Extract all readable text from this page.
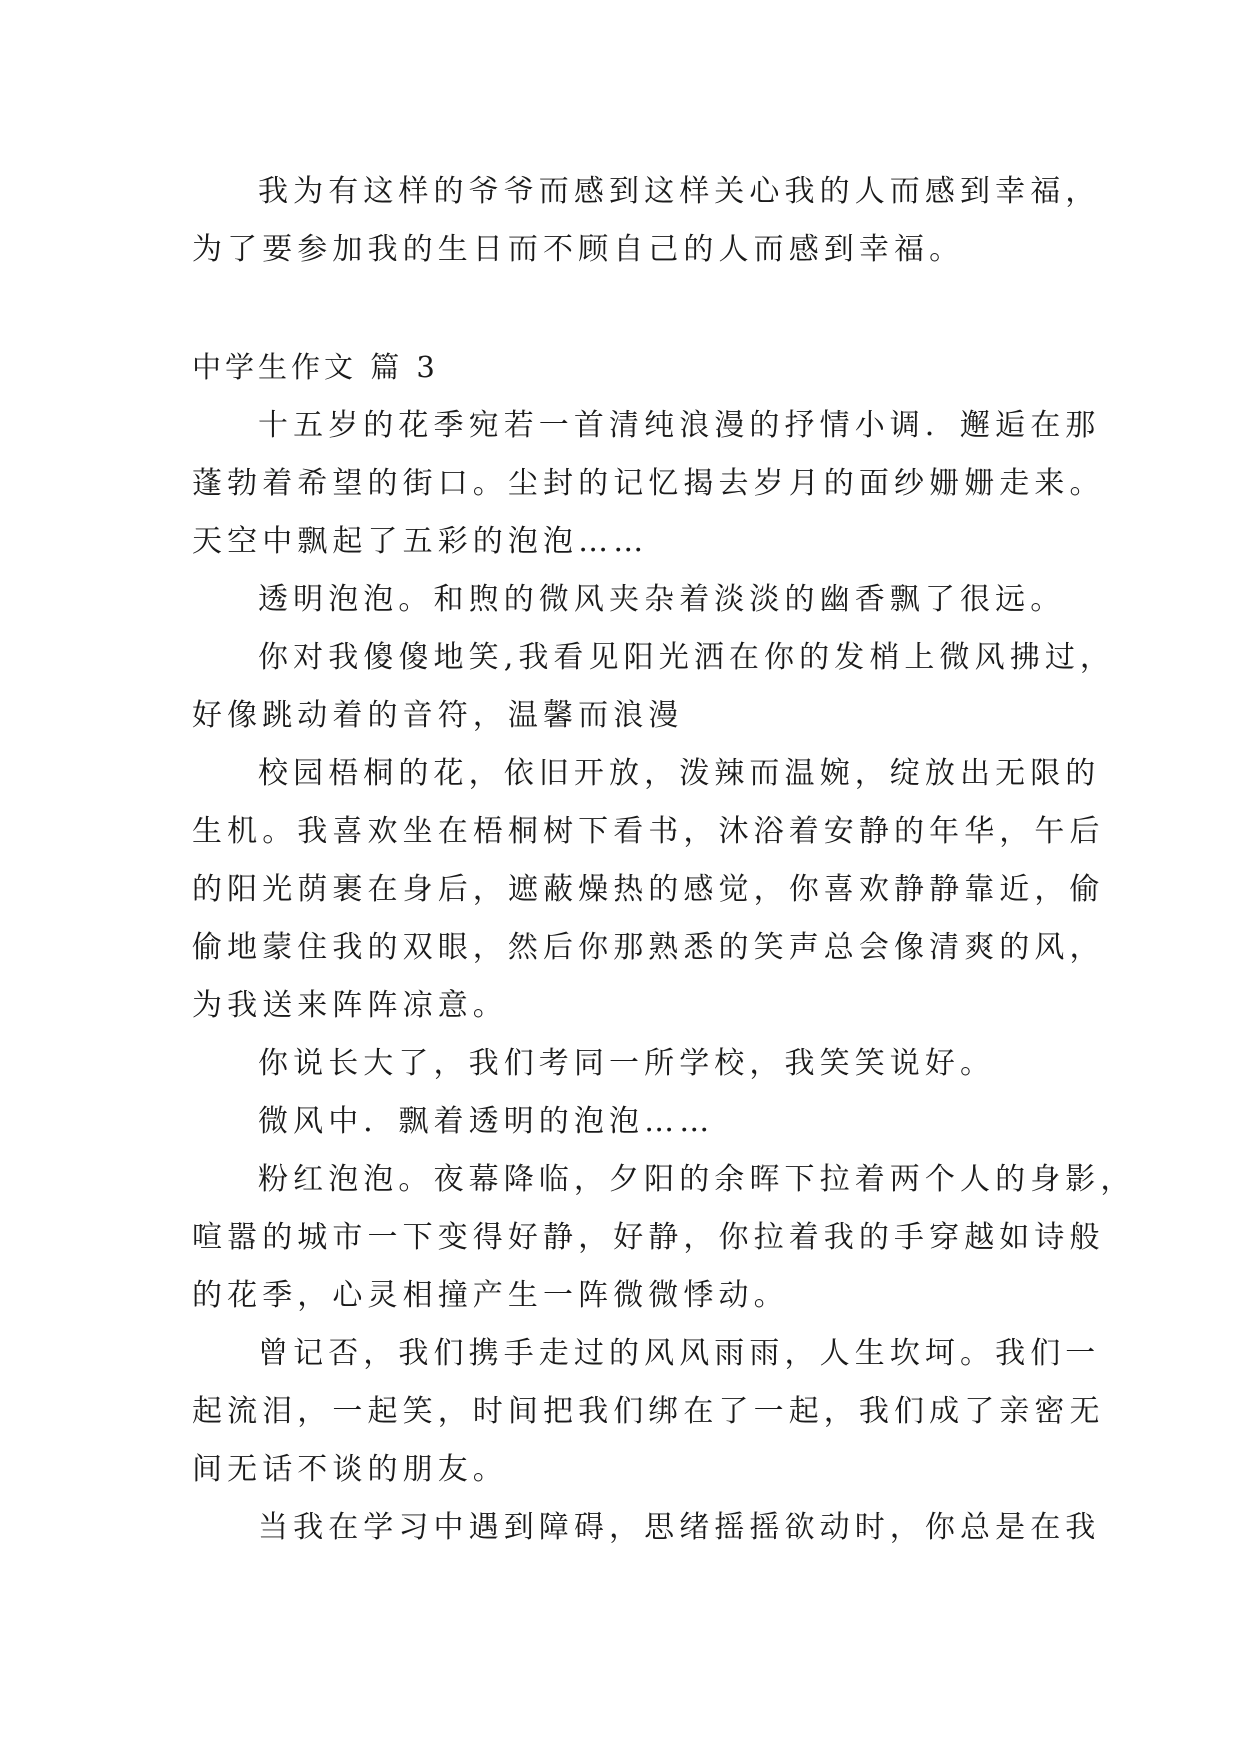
我为有这样的爷爷而感到这样关心我的人而感到幸福，
为了要参加我的生日而不顾自己的人而感到幸福。
中学生作文 篇 3
十五岁的花季宛若一首清纯浪漫的抒情小调．邂逅在那
蓬勃着希望的街口。尘封的记忆揭去岁月的面纱姗姗走来。
天空中飘起了五彩的泡泡……
透明泡泡。和煦的微风夹杂着淡淡的幽香飘了很远。
你对我傻傻地笑,我看见阳光洒在你的发梢上微风拂过，
好像跳动着的音符，温馨而浪漫
校园梧桐的花，依旧开放，泼辣而温婉，绽放出无限的
生机。我喜欢坐在梧桐树下看书，沐浴着安静的年华，午后
的阳光荫裹在身后，遮蔽燥热的感觉，你喜欢静静靠近，偷
偷地蒙住我的双眼，然后你那熟悉的笑声总会像清爽的风，
为我送来阵阵凉意。
你说长大了，我们考同一所学校，我笑笑说好。
微风中．飘着透明的泡泡……
粉红泡泡。夜幕降临，夕阳的余晖下拉着两个人的身影，
喧嚣的城市一下变得好静，好静，你拉着我的手穿越如诗般
的花季，心灵相撞产生一阵微微悸动。
曾记否，我们携手走过的风风雨雨，人生坎坷。我们一
起流泪，一起笑，时间把我们绑在了一起，我们成了亲密无
间无话不谈的朋友。
当我在学习中遇到障碍，思绪摇摇欲动时，你总是在我
